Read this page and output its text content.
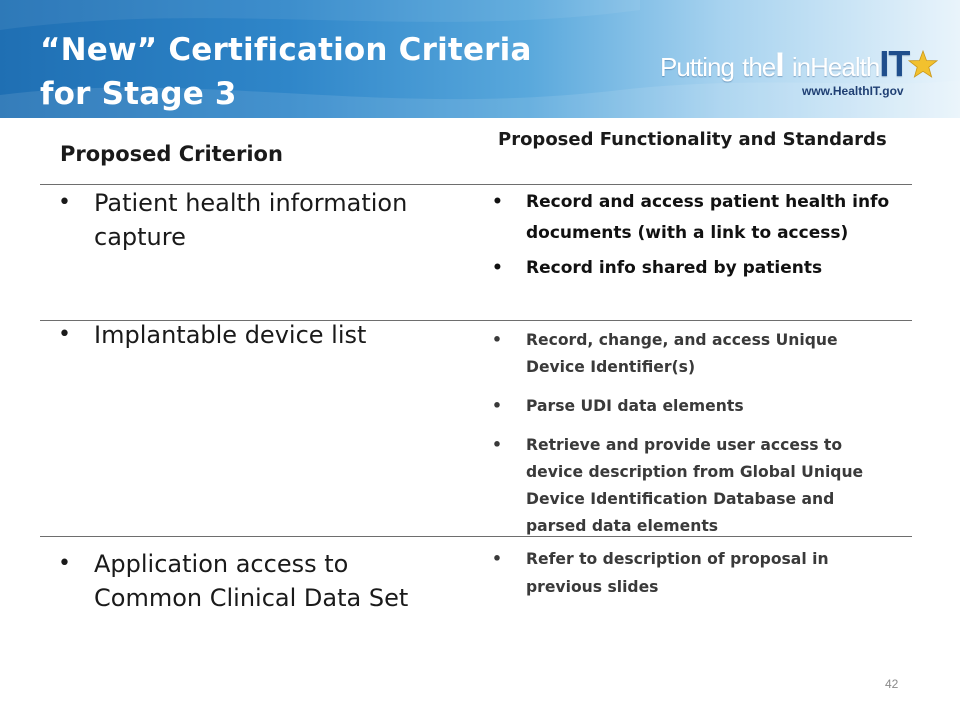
“New” Certification Criteria for Stage 3
Putting theI inHealthIT
www.HealthIT.gov
Proposed Criterion
Proposed Functionality and Standards
• Patient health information capture
• Record and access patient health info documents (with a link to access)
• Record info shared by patients
• Implantable device list	• Record, change, and access Unique Device Identifier(s)
• Parse UDI data elements
• Retrieve and provide user access to device description from Global Unique Device Identification Database and parsed data elements
• Application access to Common Clinical Data Set
• Refer to description of proposal in previous slides
42
